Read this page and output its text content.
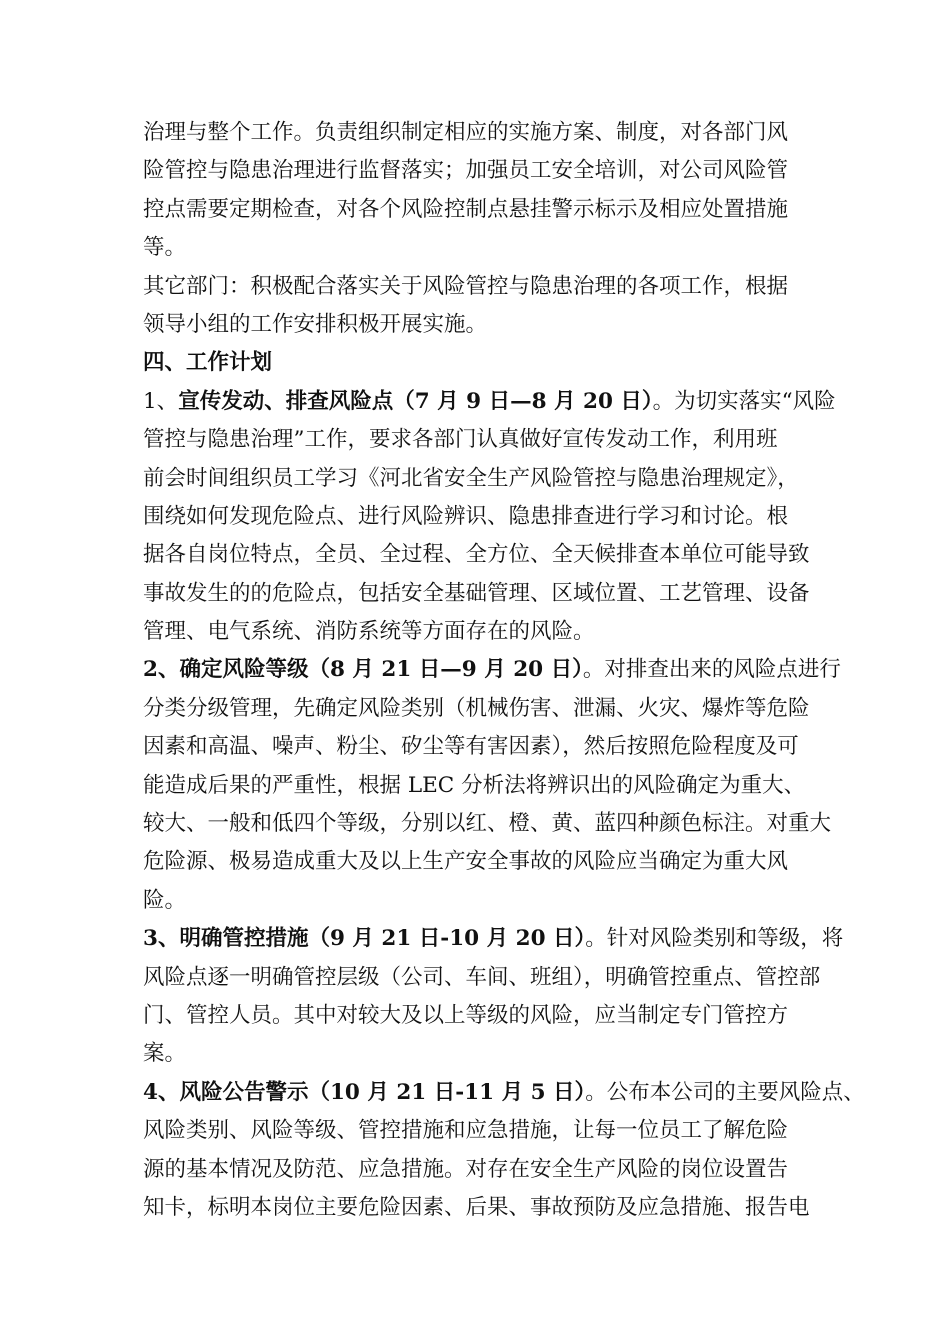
治理与整个工作。负责组织制定相应的实施方案、制度，对各部门风
险管控与隐患治理进行监督落实；加强员工安全培训，对公司风险管
控点需要定期检查，对各个风险控制点悬挂警示标示及相应处置措施
等。
其它部门：积极配合落实关于风险管控与隐患治理的各项工作，根据
领导小组的工作安排积极开展实施。
四、工作计划
1、宣传发动、排查风险点（7 月 9 日—8 月 20 日）。为切实落实“风险
管控与隐患治理”工作，要求各部门认真做好宣传发动工作，利用班
前会时间组织员工学习《河北省安全生产风险管控与隐患治理规定》，
围绕如何发现危险点、进行风险辨识、隐患排查进行学习和讨论。根
据各自岗位特点，全员、全过程、全方位、全天候排查本单位可能导致
事故发生的的危险点，包括安全基础管理、区域位置、工艺管理、设备
管理、电气系统、消防系统等方面存在的风险。
2、确定风险等级（8 月 21 日—9 月 20 日）。对排查出来的风险点进行
分类分级管理，先确定风险类别（机械伤害、泄漏、火灾、爆炸等危险
因素和高温、噪声、粉尘、矽尘等有害因素），然后按照危险程度及可
能造成后果的严重性，根据 LEC 分析法将辨识出的风险确定为重大、
较大、一般和低四个等级，分别以红、橙、黄、蓝四种颜色标注。对重大
危险源、极易造成重大及以上生产安全事故的风险应当确定为重大风
险。
3、明确管控措施（9 月 21 日-10 月 20 日）。针对风险类别和等级，将
风险点逐一明确管控层级（公司、车间、班组），明确管控重点、管控部
门、管控人员。其中对较大及以上等级的风险，应当制定专门管控方
案。
4、风险公告警示（10 月 21 日-11 月 5 日）。公布本公司的主要风险点、
风险类别、风险等级、管控措施和应急措施，让每一位员工了解危险
源的基本情况及防范、应急措施。对存在安全生产风险的岗位设置告
知卡，标明本岗位主要危险因素、后果、事故预防及应急措施、报告电
